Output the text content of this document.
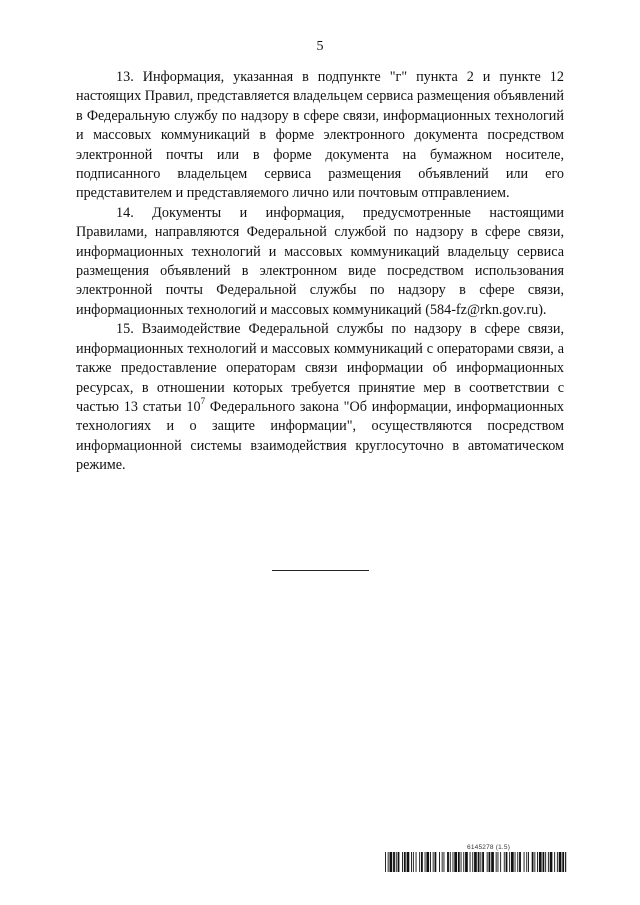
5

13. Информация, указанная в подпункте "г" пункта 2 и пункте 12 настоящих Правил, представляется владельцем сервиса размещения объявлений в Федеральную службу по надзору в сфере связи, информационных технологий и массовых коммуникаций в форме электронного документа посредством электронной почты или в форме документа на бумажном носителе, подписанного владельцем сервиса размещения объявлений или его представителем и представляемого лично или почтовым отправлением.

14. Документы и информация, предусмотренные настоящими Правилами, направляются Федеральной службой по надзору в сфере связи, информационных технологий и массовых коммуникаций владельцу сервиса размещения объявлений в электронном виде посредством использования электронной почты Федеральной службы по надзору в сфере связи, информационных технологий и массовых коммуникаций (584-fz@rkn.gov.ru).

15. Взаимодействие Федеральной службы по надзору в сфере связи, информационных технологий и массовых коммуникаций с операторами связи, а также предоставление операторам связи информации об информационных ресурсах, в отношении которых требуется принятие мер в соответствии с частью 13 статьи $10^7$ Федерального закона "Об информации, информационных технологиях и о защите информации", осуществляются посредством информационной системы взаимодействия круглосуточно в автоматическом режиме.

6145278 (1.5)
